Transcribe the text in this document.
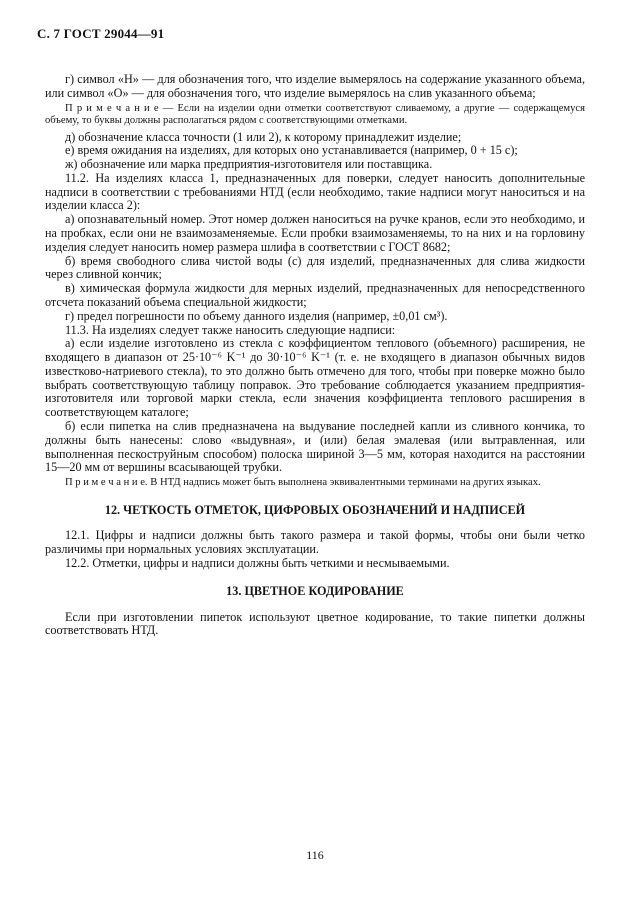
С. 7 ГОСТ 29044—91

г) символ «Н» — для обозначения того, что изделие вымерялось на содержание указанного объема, или символ «О» — для обозначения того, что изделие вымерялось на слив указанного объема;

П р и м е ч а н и е — Если на изделии одни отметки соответствуют сливаемому, а другие — содержащемуся объему, то буквы должны располагаться рядом с соответствующими отметками.

д) обозначение класса точности (1 или 2), к которому принадлежит изделие;

е) время ожидания на изделиях, для которых оно устанавливается (например, 0 + 15 с);

ж) обозначение или марка предприятия-изготовителя или поставщика.

11.2. На изделиях класса 1, предназначенных для поверки, следует наносить дополнительные надписи в соответствии с требованиями НТД (если необходимо, такие надписи могут наноситься и на изделии класса 2):

а) опознавательный номер. Этот номер должен наноситься на ручке кранов, если это необходимо, и на пробках, если они не взаимозаменяемые. Если пробки взаимозаменяемы, то на них и на горловину изделия следует наносить номер размера шлифа в соответствии с ГОСТ 8682;

б) время свободного слива чистой воды (с) для изделий, предназначенных для слива жидкости через сливной кончик;

в) химическая формула жидкости для мерных изделий, предназначенных для непосредственного отсчета показаний объема специальной жидкости;

г) предел погрешности по объему данного изделия (например, ±0,01 см³).

11.3. На изделиях следует также наносить следующие надписи:

а) если изделие изготовлено из стекла с коэффициентом теплового (объемного) расширения, не входящего в диапазон от 25·10⁻⁶ K⁻¹ до 30·10⁻⁶ K⁻¹ (т. е. не входящего в диапазон обычных видов известково-натриевого стекла), то это должно быть отмечено для того, чтобы при поверке можно было выбрать соответствующую таблицу поправок. Это требование соблюдается указанием предприятия-изготовителя или торговой марки стекла, если значения коэффициента теплового расширения в соответствующем каталоге;

б) если пипетка на слив предназначена на выдувание последней капли из сливного кончика, то должны быть нанесены: слово «выдувная», и (или) белая эмалевая (или вытравленная, или выполненная пескоструйным способом) полоска шириной 3—5 мм, которая находится на расстоянии 15—20 мм от вершины всасывающей трубки.

П р и м е ч а н и е. В НТД надпись может быть выполнена эквивалентными терминами на других языках.

12. ЧЕТКОСТЬ ОТМЕТОК, ЦИФРОВЫХ ОБОЗНАЧЕНИЙ И НАДПИСЕЙ

12.1. Цифры и надписи должны быть такого размера и такой формы, чтобы они были четко различимы при нормальных условиях эксплуатации.

12.2. Отметки, цифры и надписи должны быть четкими и несмываемыми.

13. ЦВЕТНОЕ КОДИРОВАНИЕ

Если при изготовлении пипеток используют цветное кодирование, то такие пипетки должны соответствовать НТД.

116
